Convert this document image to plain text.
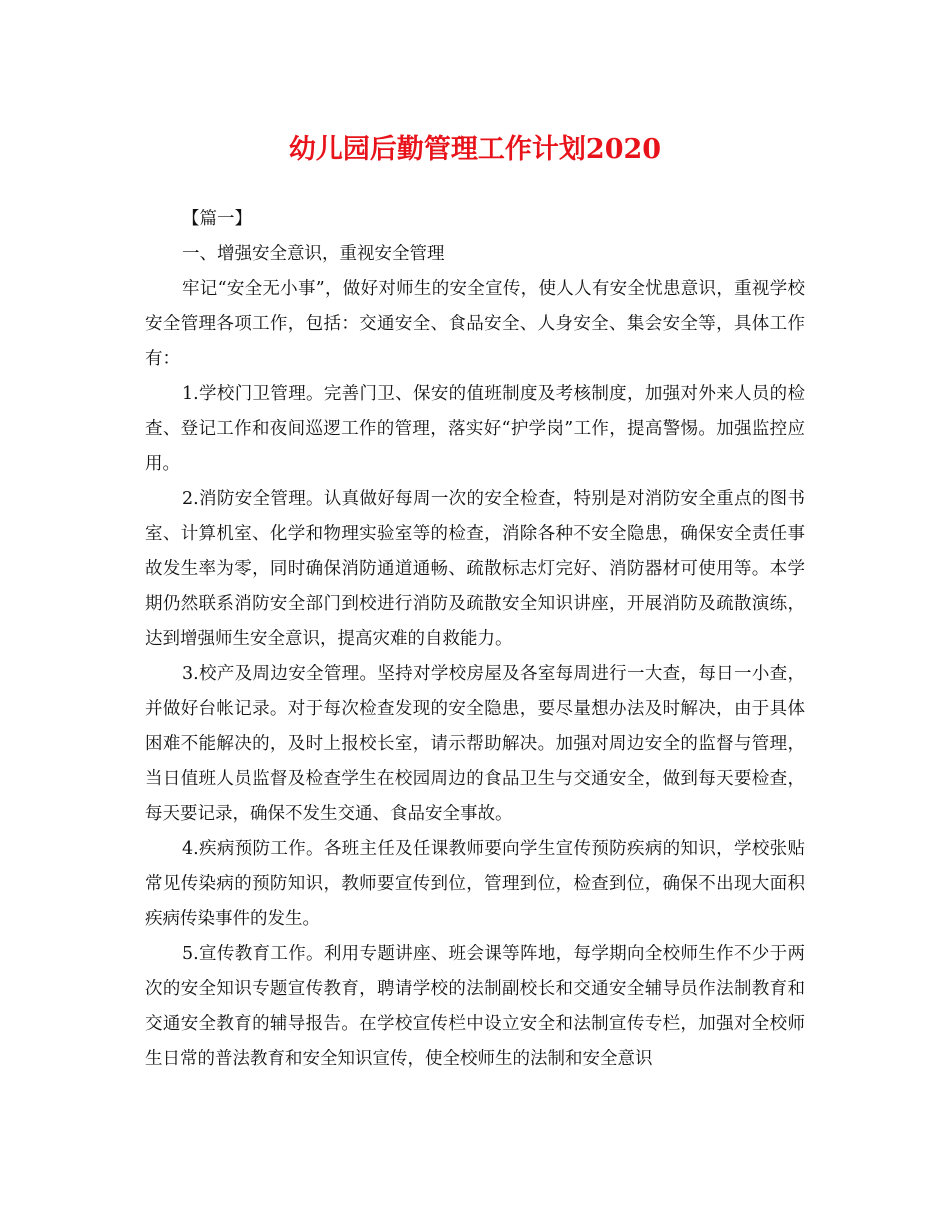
幼儿园后勤管理工作计划2020

【篇一】

一、增强安全意识，重视安全管理

牢记“安全无小事”，做好对师生的安全宣传，使人人有安全忧患意识，重视学校安全管理各项工作，包括：交通安全、食品安全、人身安全、集会安全等，具体工作有：

1.学校门卫管理。完善门卫、保安的值班制度及考核制度，加强对外来人员的检查、登记工作和夜间巡逻工作的管理，落实好“护学岗”工作，提高警惕。加强监控应用。

2.消防安全管理。认真做好每周一次的安全检查，特别是对消防安全重点的图书室、计算机室、化学和物理实验室等的检查，消除各种不安全隐患，确保安全责任事故发生率为零，同时确保消防通道通畅、疏散标志灯完好、消防器材可使用等。本学期仍然联系消防安全部门到校进行消防及疏散安全知识讲座，开展消防及疏散演练，达到增强师生安全意识，提高灾难的自救能力。

3.校产及周边安全管理。坚持对学校房屋及各室每周进行一大查，每日一小查，并做好台帐记录。对于每次检查发现的安全隐患，要尽量想办法及时解决，由于具体困难不能解决的，及时上报校长室，请示帮助解决。加强对周边安全的监督与管理，当日值班人员监督及检查学生在校园周边的食品卫生与交通安全，做到每天要检查，每天要记录，确保不发生交通、食品安全事故。

4.疾病预防工作。各班主任及任课教师要向学生宣传预防疾病的知识，学校张贴常见传染病的预防知识，教师要宣传到位，管理到位，检查到位，确保不出现大面积疾病传染事件的发生。

5.宣传教育工作。利用专题讲座、班会课等阵地，每学期向全校师生作不少于两次的安全知识专题宣传教育，聘请学校的法制副校长和交通安全辅导员作法制教育和交通安全教育的辅导报告。在学校宣传栏中设立安全和法制宣传专栏，加强对全校师生日常的普法教育和安全知识宣传，使全校师生的法制和安全意识
